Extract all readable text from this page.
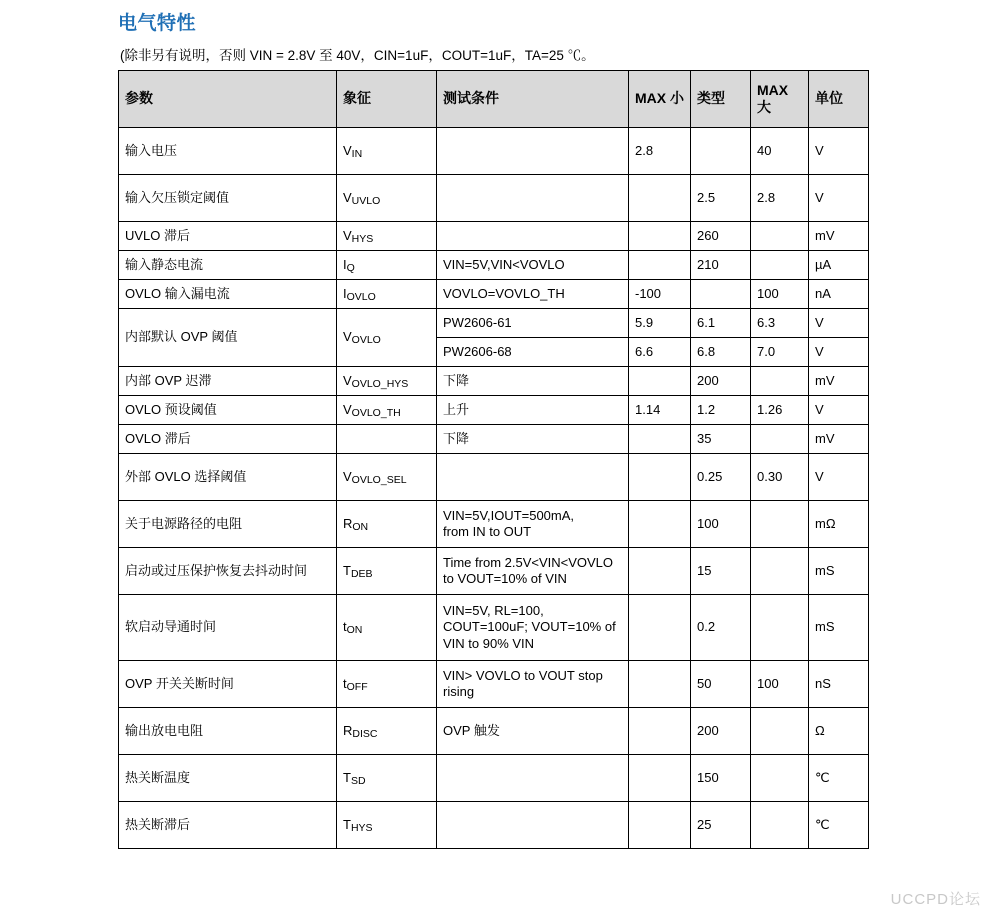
电气特性
(除非另有说明，否则 VIN = 2.8V 至 40V，CIN=1uF，COUT=1uF，TA=25 ℃。
参数	象征	测试条件	MAX 小	类型	MAX 大	单位
输入电压	$V_{IN}$		2.8		40	V
输入欠压锁定阈值	$V_{UVLO}$			2.5	2.8	V
UVLO 滞后	$V_{HYS}$			260		mV
输入静态电流	$I_Q$	VIN=5V,VIN<VOVLO		210		µA
OVLO 输入漏电流	$I_{OVLO}$	VOVLO=VOVLO_TH	-100		100	nA
内部默认 OVP 阈值	$V_{OVLO}$	PW2606-61	5.9	6.1	6.3	V
		PW2606-68	6.6	6.8	7.0	V
内部 OVP 迟滞	$V_{OVLO\_HYS}$	下降		200		mV
OVLO 预设阈值	$V_{OVLO\_TH}$	上升	1.14	1.2	1.26	V
OVLO 滞后		下降		35		mV
外部 OVLO 选择阈值	$V_{OVLO\_SEL}$			0.25	0.30	V
关于电源路径的电阻	$R_{ON}$	VIN=5V,IOUT=500mA,
from IN to OUT		100		mΩ
启动或过压保护恢复去抖动时间	$T_{DEB}$	Time from 2.5V<VIN<VOVLO
to VOUT=10% of VIN		15		mS
软启动导通时间	$t_{ON}$	VIN=5V, RL=100,
COUT=100uF; VOUT=10% of
VIN to 90% VIN		0.2		mS
OVP 开关关断时间	$t_{OFF}$	VIN> VOVLO to VOUT stop
rising		50	100	nS
输出放电电阻	$R_{DISC}$	OVP 触发		200		Ω
热关断温度	$T_{SD}$			150		℃
热关断滞后	$T_{HYS}$			25		℃
UCCPD论坛
